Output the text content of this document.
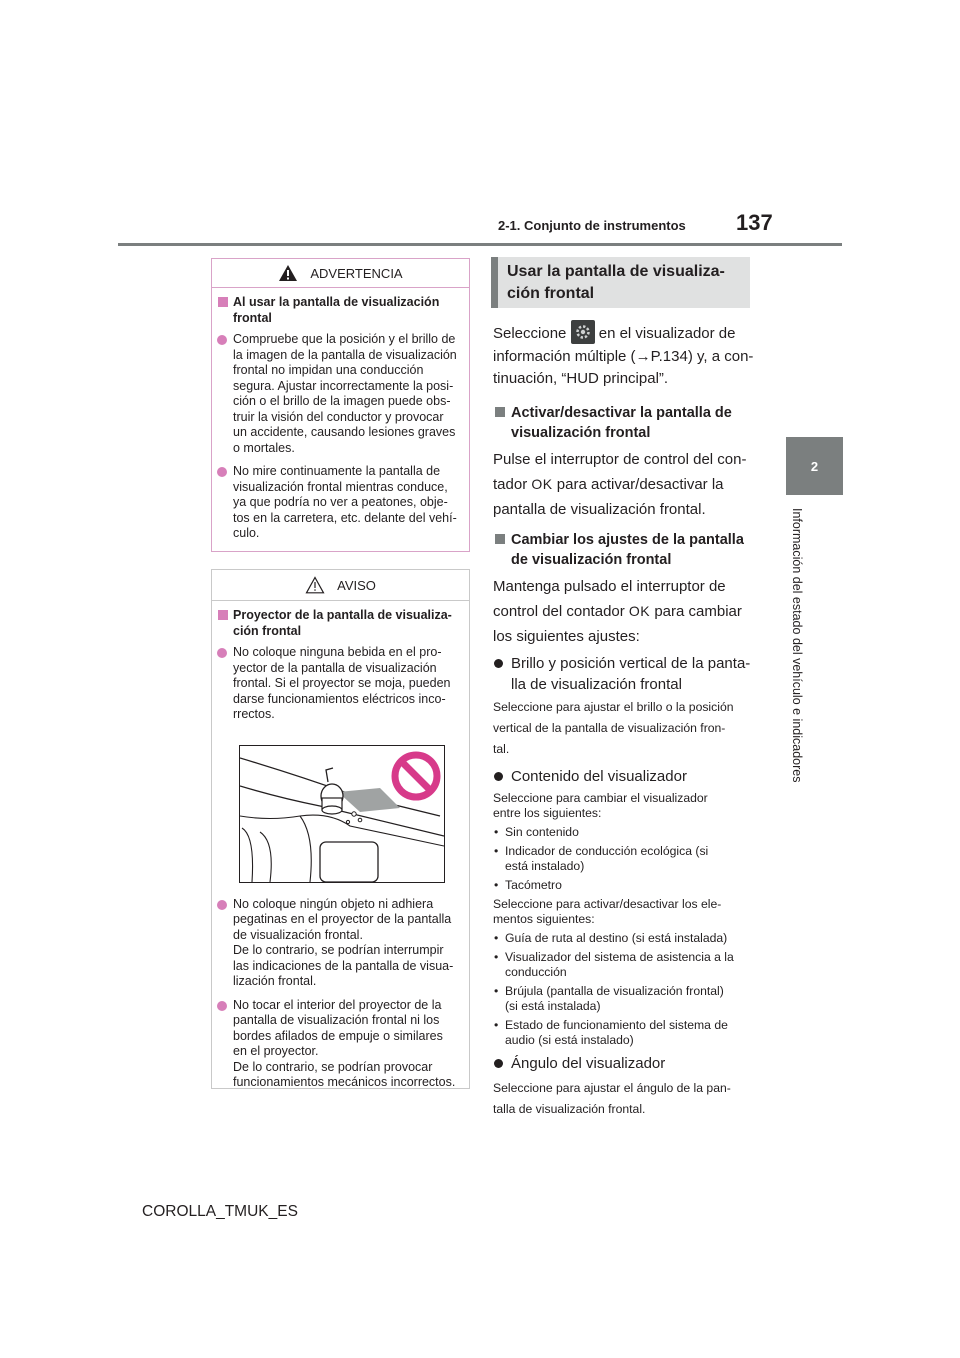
2-1. Conjunto de instrumentos 137
2
Información del estado del vehículo e indicadores
ADVERTENCIA

Al usar la pantalla de visualización frontal

Compruebe que la posición y el brillo de
la imagen de la pantalla de visualización
frontal no impidan una conducción
segura. Ajustar incorrectamente la posi-
ción o el brillo de la imagen puede obs-
truir la visión del conductor y provocar
un accidente, causando lesiones graves
o mortales.

No mire continuamente la pantalla de
visualización frontal mientras conduce,
ya que podría no ver a peatones, obje-
tos en la carretera, etc. delante del vehí-
culo.

AVISO

Proyector de la pantalla de visualiza-
ción frontal

No coloque ninguna bebida en el pro-
yector de la pantalla de visualización
frontal. Si el proyector se moja, pueden
darse funcionamientos eléctricos inco-
rrectos.

No coloque ningún objeto ni adhiera
pegatinas en el proyector de la pantalla
de visualización frontal.
De lo contrario, se podrían interrumpir
las indicaciones de la pantalla de visua-
lización frontal.

No tocar el interior del proyector de la
pantalla de visualización frontal ni los
bordes afilados de empuje o similares
en el proyector.
De lo contrario, se podrían provocar
funcionamientos mecánicos incorrectos.

Usar la pantalla de visualiza-
ción frontal

Seleccione en el visualizador de
información múltiple (→P.134) y, a con-
tinuación, “HUD principal”.

Activar/desactivar la pantalla de
visualización frontal

Pulse el interruptor de control del con-
tador OK para activar/desactivar la
pantalla de visualización frontal.

Cambiar los ajustes de la pantalla
de visualización frontal

Mantenga pulsado el interruptor de
control del contador OK para cambiar
los siguientes ajustes:

Brillo y posición vertical de la panta-
lla de visualización frontal

Seleccione para ajustar el brillo o la posición
vertical de la pantalla de visualización fron-
tal.

Contenido del visualizador

Seleccione para cambiar el visualizador
entre los siguientes:

• Sin contenido

• Indicador de conducción ecológica (si
está instalado)

• Tacómetro

Seleccione para activar/desactivar los ele-
mentos siguientes:

• Guía de ruta al destino (si está instalada)

• Visualizador del sistema de asistencia a la
conducción

• Brújula (pantalla de visualización frontal)
(si está instalada)

• Estado de funcionamiento del sistema de
audio (si está instalado)

Ángulo del visualizador

Seleccione para ajustar el ángulo de la pan-
talla de visualización frontal.

COROLLA_TMUK_ES
